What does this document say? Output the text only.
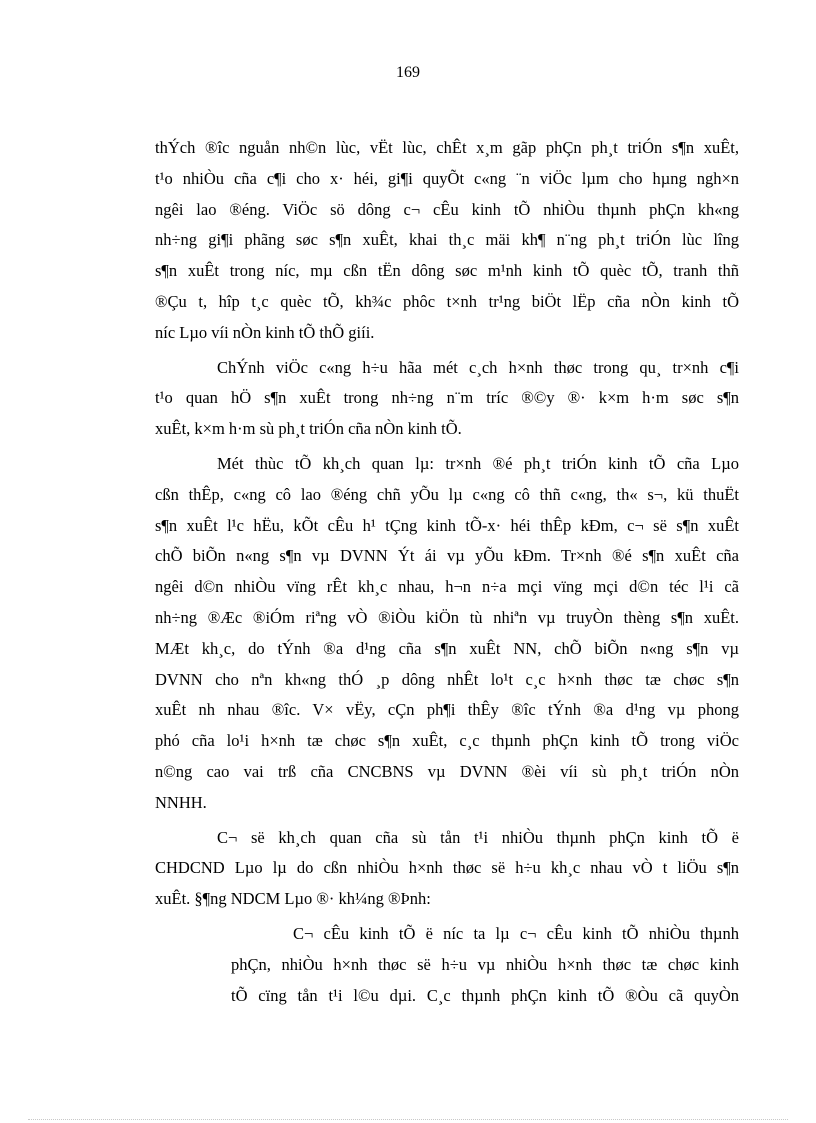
169
thÝch ®îc nguån nh©n lùc, vËt lùc, chÊt x¸m gãp phÇn ph¸t triÓn s¶n xuÊt,
t¹o nhiÒu cña c¶i cho x· héi, gi¶i quyÕt c«ng ¨n viÖc lµm cho hµng ngh×n
ngêi lao ®éng. ViÖc sö dông c¬ cÊu kinh tÕ nhiÒu thµnh phÇn kh«ng
nh÷ng gi¶i phãng søc s¶n xuÊt, khai th¸c mäi kh¶ n¨ng ph¸t triÓn lùc lîng
s¶n xuÊt trong níc, mµ cßn tËn dông søc m¹nh kinh tÕ quèc tÕ, tranh thñ
®Çu t, hîp t¸c quèc tÕ, kh¾c phôc t×nh tr¹ng biÖt lËp cña nÒn kinh tÕ
níc Lµo víi nÒn kinh tÕ thÕ giíi.
ChÝnh viÖc c«ng h÷u hãa mét c¸ch h×nh thøc trong qu¸ tr×nh c¶i
t¹o quan hÖ s¶n xuÊt trong nh÷ng n¨m tríc ®©y ®· k×m h·m søc s¶n
xuÊt, k×m h·m sù ph¸t triÓn cña nÒn kinh tÕ.
Mét thùc tÕ kh¸ch quan lµ: tr×nh ®é ph¸t triÓn kinh tÕ cña Lµo
cßn thÊp, c«ng cô lao ®éng chñ yÕu lµ c«ng cô thñ c«ng, th« s¬, kü thuËt
s¶n xuÊt l¹c hËu, kÕt cÊu h¹ tÇng kinh tÕ-x· héi thÊp kÐm, c¬ së s¶n xuÊt
chÕ biÕn n«ng s¶n vµ DVNN Ýt ái vµ yÕu kÐm. Tr×nh ®é s¶n xuÊt cña
ngêi d©n nhiÒu vïng rÊt kh¸c nhau, h¬n n÷a mçi vïng mçi d©n téc l¹i cã
nh÷ng ®Æc ®iÓm riªng vÒ ®iÒu kiÖn tù nhiªn vµ truyÒn thèng s¶n xuÊt.
MÆt kh¸c, do tÝnh ®a d¹ng cña s¶n xuÊt NN, chÕ biÕn n«ng s¶n vµ
DVNN cho nªn kh«ng thÓ ¸p dông nhÊt lo¹t c¸c h×nh thøc tæ chøc s¶n
xuÊt nh nhau ®îc. V× vËy, cÇn ph¶i thÊy ®îc tÝnh ®a d¹ng vµ phong
phó cña lo¹i h×nh tæ chøc s¶n xuÊt, c¸c thµnh phÇn kinh tÕ trong viÖc
n©ng cao vai trß cña CNCBNS vµ DVNN ®èi víi sù ph¸t triÓn nÒn
NNHH.
C¬ së kh¸ch quan cña sù tån t¹i nhiÒu thµnh phÇn kinh tÕ ë
CHDCND Lµo lµ do cßn nhiÒu h×nh thøc së h÷u kh¸c nhau vÒ t liÖu s¶n
xuÊt. §¶ng NDCM Lµo ®· kh¼ng ®Þnh:
C¬ cÊu kinh tÕ ë níc ta lµ c¬ cÊu kinh tÕ nhiÒu thµnh
phÇn, nhiÒu h×nh thøc së h÷u vµ nhiÒu h×nh thøc tæ chøc kinh
tÕ cïng tån t¹i l©u dµi. C¸c thµnh phÇn kinh tÕ ®Òu cã quyÒn
